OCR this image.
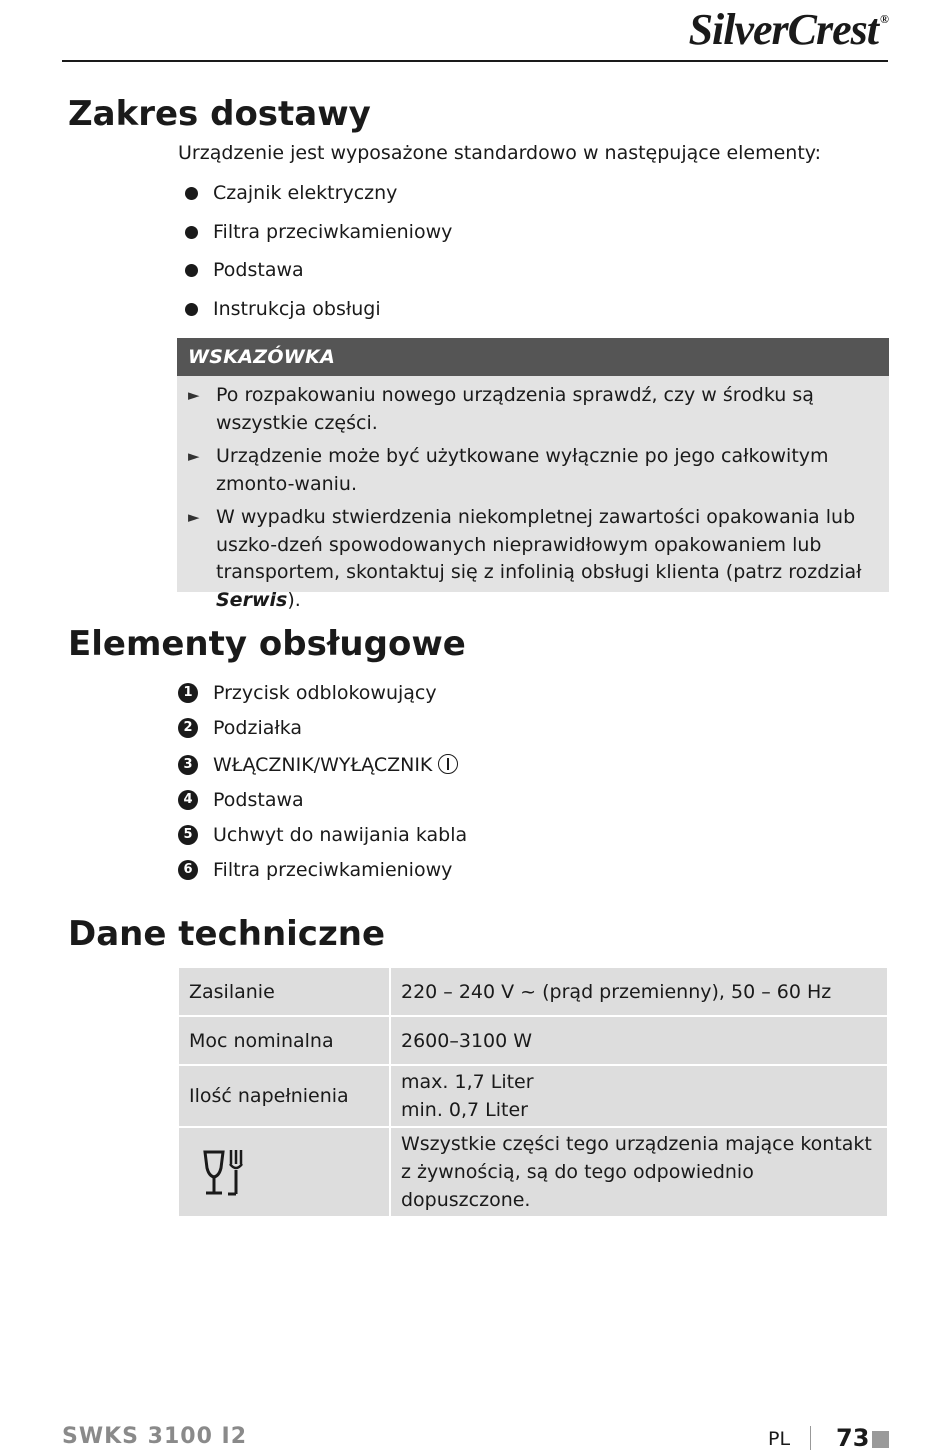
SilverCrest ®
Zakres dostawy
Urządzenie jest wyposażone standardowo w następujące elementy:
Czajnik elektryczny
Filtra przeciwkamieniowy
Podstawa
Instrukcja obsługi
WSKAZÓWKA
► Po rozpakowaniu nowego urządzenia sprawdź, czy w środku są wszystkie części.
► Urządzenie może być użytkowane wyłącznie po jego całkowitym zmonto-waniu.
► W wypadku stwierdzenia niekompletnej zawartości opakowania lub uszko-dzeń spowodowanych nieprawidłowym opakowaniem lub transportem, skontaktuj się z infolinią obsługi klienta (patrz rozdział Serwis).
Elementy obsługowe
1 Przycisk odblokowujący
2 Podziałka
3 WŁĄCZNIK/WYŁĄCZNIK
4 Podstawa
5 Uchwyt do nawijania kabla
6 Filtra przeciwkamieniowy
Dane techniczne
Zasilanie	220 – 240 V ~ (prąd przemienny), 50 – 60 Hz
Moc nominalna	2600–3100 W
Ilość napełnienia	max. 1,7 Liter
min. 0,7 Liter

	Wszystkie części tego urządzenia mające kontakt z żywnością, są do tego odpowiednio dopuszczone.
SWKS 3100 I2	PL 73
